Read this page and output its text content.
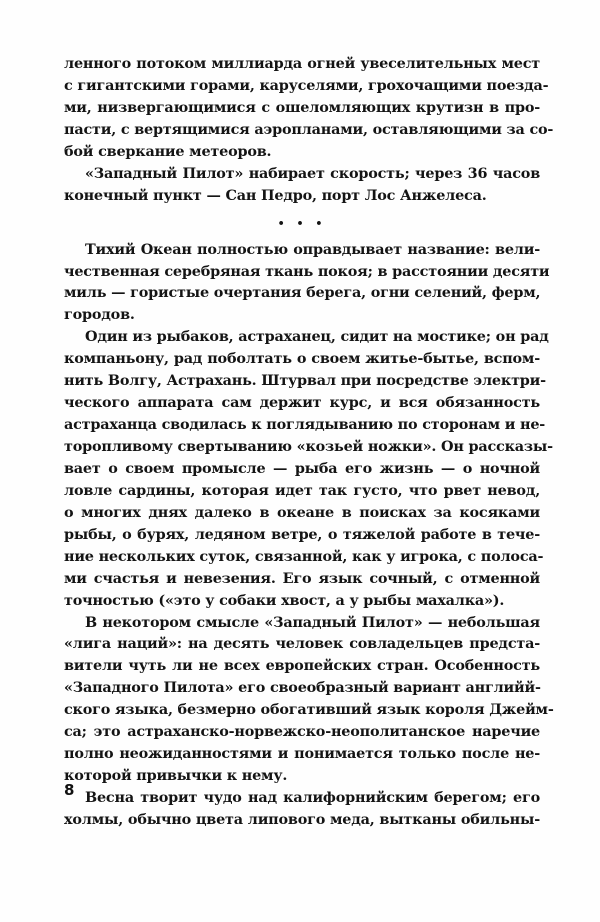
ленного потоком миллиарда огней увеселительных мест
с гигантскими горами, каруселями, грохочащими поезда-
ми, низвергающимися с ошеломляющих крутизн в про-
пасти, с вертящимися аэропланами, оставляющими за со-
бой сверкание метеоров.
«Западный Пилот» набирает скорость; через 36 часов
конечный пункт — Сан Педро, порт Лос Анжелеса.
• • •
Тихий Океан полностью оправдывает название: вели-
чественная серебряная ткань покоя; в расстоянии десяти
миль — гористые очертания берега, огни селений, ферм,
городов.
Один из рыбаков, астраханец, сидит на мостике; он рад
компаньону, рад поболтать о своем житье-бытье, вспом-
нить Волгу, Астрахань. Штурвал при посредстве электри-
ческого аппарата сам держит курс, и вся обязанность
астраханца сводилась к поглядыванию по сторонам и не-
торопливому свертыванию «козьей ножки». Он рассказы-
вает о своем промысле — рыба его жизнь — о ночной
ловле сардины, которая идет так густо, что рвет невод,
о многих днях далеко в океане в поисках за косяками
рыбы, о бурях, ледяном ветре, о тяжелой работе в тече-
ние нескольких суток, связанной, как у игрока, с полоса-
ми счастья и невезения. Его язык сочный, с отменной
точностью («это у собаки хвост, а у рыбы махалка»).
В некотором смысле «Западный Пилот» — небольшая
«лига наций»: на десять человек совладельцев предста-
вители чуть ли не всех европейских стран. Особенность
«Западного Пилота» его своеобразный вариант английй-
ского языка, безмерно обогативший язык короля Джейм-
са; это астраханско-норвежско-неополитанское наречие
полно неожиданностями и понимается только после не-
которой привычки к нему.
Весна творит чудо над калифорнийским берегом; его
холмы, обычно цвета липового меда, вытканы обильны-
8
